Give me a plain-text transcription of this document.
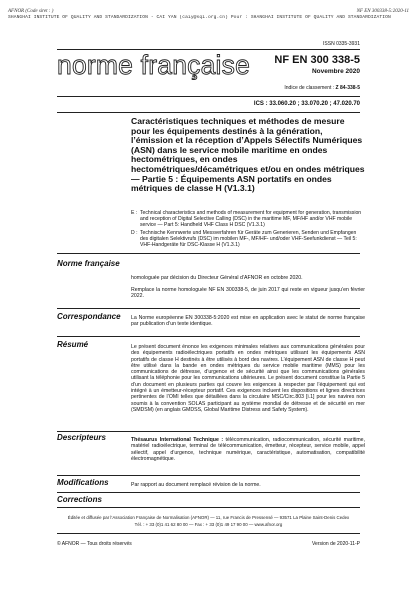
AFNOR (Code siret : )	NF EN 300338-5:2020-11
SHANGHAI INSTITUTE OF QUALITY AND STANDARDIZATION - CAI YAN (caiy@sqi.org.cn) Pour : SHANGHAI INSTITUTE OF QUALITY AND STANDARDIZATION
ISSN 0335-3931
norme française NF EN 300 338-5
Novembre 2020
Indice de classement : Z 84-338-5
ICS : 33.060.20 ; 33.070.20 ; 47.020.70
Caractéristiques techniques et méthodes de mesure pour les équipements destinés à la génération, l’émission et la réception d’Appels Sélectifs Numériques (ASN) dans le service mobile maritime en ondes hectométriques, en ondes hectométriques/décamétriques et/ou en ondes métriques — Partie 5 : Équipements ASN portatifs en ondes métriques de classe H (V1.3.1)
E : Technical characteristics and methods of measurement for equipment for generation, transmission and reception of Digital Selective Calling (DSC) in the maritime MF, MF/HF and/or VHF mobile service — Part 5: Handheld VHF Class H DSC (V1.3.1)
D : Technische Kennwerte und Messverfahren für Geräte zum Generieren, Senden und Empfangen des digitalen Selektivrufs (DSC) im mobilen MF-, MF/HF- und/oder VHF-Seefunkdienst — Teil 5: VHF-Handgeräte für DSC-Klasse H (V1.3.1)
Norme française
homologuée par décision du Directeur Général d’AFNOR en octobre 2020.
Remplace la norme homologuée NF EN 300338-5, de juin 2017 qui reste en vigueur jusqu’en février 2022.
Correspondance La Norme européenne EN 300338-5:2020 est mise en application avec le statut de norme française par publication d’un texte identique.
Résumé	Le présent document énonce les exigences minimales relatives aux communications générales pour des équipements radioélectriques portatifs en ondes métriques utilisant les équipements ASN portatifs de classe H destinés à être utilisés à bord des navires. L’équipement ASN de classe H peut être utilisé dans la bande en ondes métriques du service mobile maritime (MMS) pour les communications de détresse, d’urgence et de sécurité ainsi que les communications générales utilisant la téléphonie pour les communications ultérieures. Le présent document constitue la Partie 5 d’un document en plusieurs parties qui couvre les exigences à respecter par l’équipement qui est intégré à un émetteur-récepteur portatif. Ces exigences incluent les dispositions et lignes directrices pertinentes de l’OMI telles que détaillées dans la circulaire MSC/Circ.803 [i.1] pour les navires non soumis à la convention SOLAS participant au système mondial de détresse et de sécurité en mer (SMDSM) (en anglais GMDSS, Global Maritime Distress and Safety System).
Descripteurs	Thésaurus International Technique : télécommunication, radiocommunication, sécurité maritime, matériel radioélectrique, terminal de télécommunication, émetteur, récepteur, service mobile, appel sélectif, appel d’urgence, technique numérique, caractéristique, automatisation, compatibilité électromagnétique.
Modifications	Par rapport au document remplacé révision de la norme.
Corrections
Éditée et diffusée par l’Association Française de Normalisation (AFNOR) — 11, rue Francis de Pressensé — 93571 La Plaine Saint-Denis Cedex
Tél. : + 33 (0)1 41 62 80 00 — Fax : + 33 (0)1 49 17 90 00 — www.afnor.org
© AFNOR — Tous droits réservés	Version de 2020-11-P
